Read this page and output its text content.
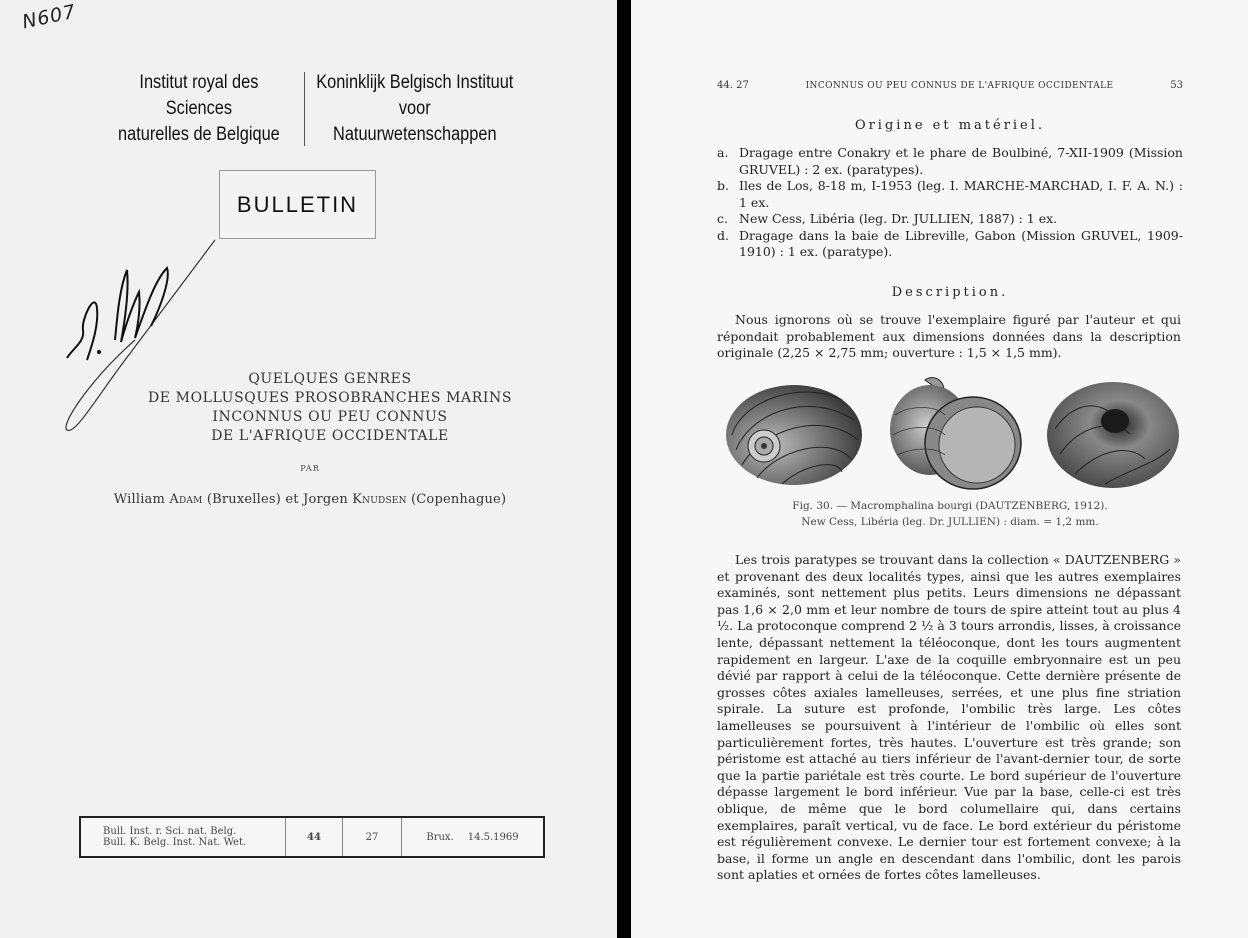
N607
Institut royal des Sciences
naturelles de Belgique
Koninklijk Belgisch Instituut
voor Natuurwetenschappen
BULLETIN
QUELQUES GENRES
DE MOLLUSQUES PROSOBRANCHES MARINS
INCONNUS OU PEU CONNUS
DE L'AFRIQUE OCCIDENTALE
PAR
William Adam (Bruxelles) et Jorgen Knudsen (Copenhague)
Bull. Inst. r. Sci. nat. Belg.
Bull. K. Belg. Inst. Nat. Wet.	44	27	Brux. 14.5.1969
44. 27	INCONNUS OU PEU CONNUS DE L'AFRIQUE OCCIDENTALE	53
Origine et matériel.
a. Dragage entre Conakry et le phare de Boulbiné, 7-XII-1909 (Mission GRUVEL) : 2 ex. (paratypes).
b. Iles de Los, 8-18 m, I-1953 (leg. I. MARCHE-MARCHAD, I. F. A. N.) : 1 ex.
c. New Cess, Libéria (leg. Dr. JULLIEN, 1887) : 1 ex.
d. Dragage dans la baie de Libreville, Gabon (Mission GRUVEL, 1909-1910) : 1 ex. (paratype).
Description.

Nous ignorons où se trouve l'exemplaire figuré par l'auteur et qui répondait probablement aux dimensions données dans la description originale (2,25 × 2,75 mm; ouverture : 1,5 × 1,5 mm).

Fig. 30. — Macromphalina bourgi (DAUTZENBERG, 1912).
New Cess, Libéria (leg. Dr. JULLIEN) : diam. = 1,2 mm.

Les trois paratypes se trouvant dans la collection « DAUTZENBERG » et provenant des deux localités types, ainsi que les autres exemplaires examinés, sont nettement plus petits. Leurs dimensions ne dépassant pas 1,6 × 2,0 mm et leur nombre de tours de spire atteint tout au plus 4 ½. La protoconque comprend 2 ½ à 3 tours arrondis, lisses, à croissance lente, dépassant nettement la téléoconque, dont les tours augmentent rapidement en largeur. L'axe de la coquille embryonnaire est un peu dévié par rapport à celui de la téléoconque. Cette dernière présente de grosses côtes axiales lamelleuses, serrées, et une plus fine striation spirale. La suture est profonde, l'ombilic très large. Les côtes lamelleuses se poursuivent à l'intérieur de l'ombilic où elles sont particulièrement fortes, très hautes. L'ouverture est très grande; son péristome est attaché au tiers inférieur de l'avant-dernier tour, de sorte que la partie pariétale est très courte. Le bord supérieur de l'ouverture dépasse largement le bord inférieur. Vue par la base, celle-ci est très oblique, de même que le bord columellaire qui, dans certains exemplaires, paraît vertical, vu de face. Le bord extérieur du péristome est régulièrement convexe. Le dernier tour est fortement convexe; à la base, il forme un angle en descendant dans l'ombilic, dont les parois sont aplaties et ornées de fortes côtes lamelleuses.
